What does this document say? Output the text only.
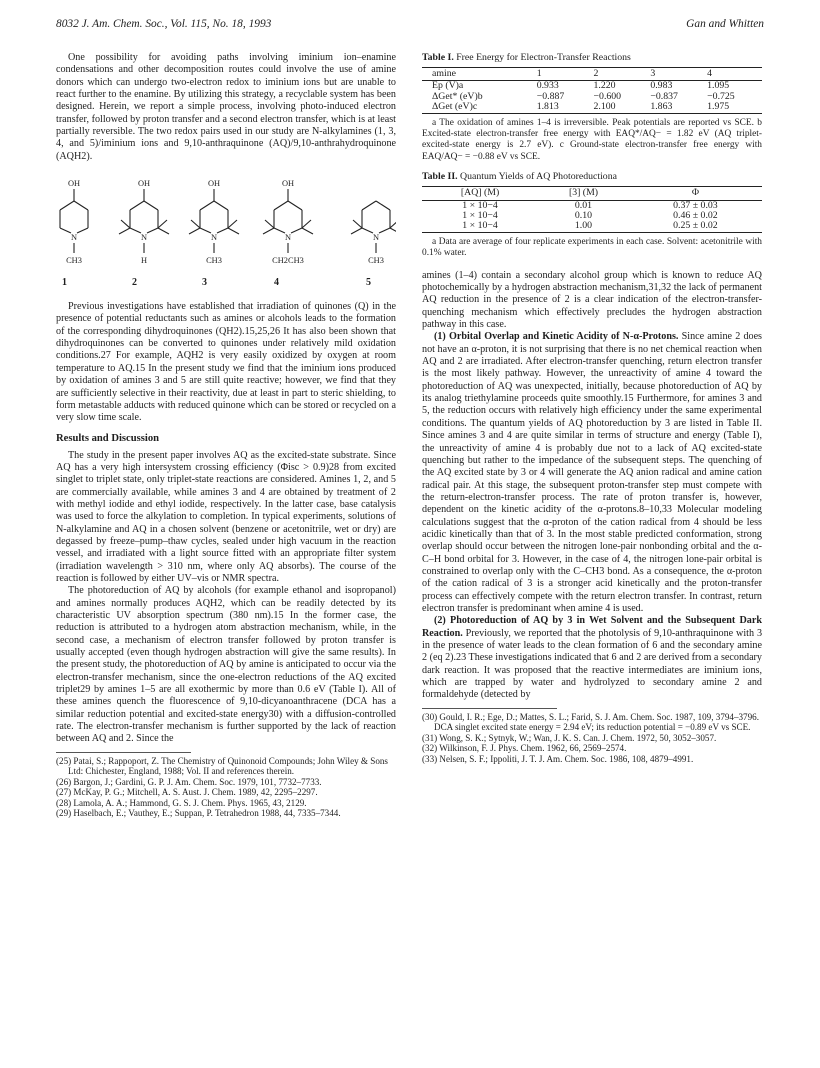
8032 J. Am. Chem. Soc., Vol. 115, No. 18, 1993	Gan and Whitten

One possibility for avoiding paths involving iminium ion–enamine condensations and other decomposition routes could involve the use of amine donors which can undergo two-electron redox to iminium ions but are unable to react further to the enamine. By utilizing this strategy, a recyclable system has been designed. Herein, we report a simple process, involving photo-induced electron transfer, followed by proton transfer and a second electron transfer, which is at least partially reversible. The two redox pairs used in our study are N-alkylamines (1, 3, 4, and 5)/iminium ions and 9,10-anthraquinone (AQ)/9,10-anthrahydroquinone (AQH2).

OH
N
CH3
OH
N
H
OH
N
CH3
OH
N
CH2CH3
N
CH3
1	2	3	4	5

Previous investigations have established that irradiation of quinones (Q) in the presence of potential reductants such as amines or alcohols leads to the formation of the corresponding dihydroquinones (QH2).15,25,26 It has also been shown that dihydroquinones can be converted to quinones under relatively mild oxidation conditions.27 For example, AQH2 is very easily oxidized by oxygen at room temperature to AQ.15 In the present study we find that the iminium ions produced by oxidation of amines 3 and 5 are still quite reactive; however, we find that they are sufficiently selective in their reactivity, due at least in part to steric shielding, to form metastable adducts with reduced quinone which can be stored or recycled on a very slow time scale.

Results and Discussion

The study in the present paper involves AQ as the excited-state substrate. Since AQ has a very high intersystem crossing efficiency (Φisc > 0.9)28 from excited singlet to triplet state, only triplet-state reactions are considered. Amines 1, 2, and 5 are commercially available, while amines 3 and 4 are obtained by treatment of 2 with methyl iodide and ethyl iodide, respectively. In the latter case, base catalysis was used to force the alkylation to completion. In typical experiments, solutions of N-alkylamine and AQ in a chosen solvent (benzene or acetonitrile, wet or dry) are degassed by freeze–pump–thaw cycles, sealed under high vacuum in the reaction vessel, and irradiated with a light source fitted with an appropriate filter system (irradiation wavelength > 310 nm, where only AQ absorbs). The course of the reaction is followed by either UV–vis or NMR spectra.

The photoreduction of AQ by alcohols (for example ethanol and isopropanol) and amines normally produces AQH2, which can be readily detected by its characteristic UV absorption spectrum (380 nm).15 In the former case, the reduction is attributed to a hydrogen atom abstraction mechanism, while, in the second case, a mechanism of electron transfer followed by proton transfer is usually accepted (even though hydrogen abstraction will give the same results). In the present study, the photoreduction of AQ by amine is anticipated to occur via the electron-transfer mechanism, since the one-electron reductions of the AQ excited triplet29 by amines 1–5 are all exothermic by more than 0.6 eV (Table I). All of these amines quench the fluorescence of 9,10-dicyanoanthracene (DCA has a similar reduction potential and excited-state energy30) with a diffusion-controlled rate. The electron-transfer mechanism is further supported by the lack of reaction between AQ and 2. Since the

(25) Patai, S.; Rappoport, Z. The Chemistry of Quinonoid Compounds; John Wiley & Sons Ltd: Chichester, England, 1988; Vol. II and references therein.

(26) Bargon, J.; Gardini, G. P. J. Am. Chem. Soc. 1979, 101, 7732–7733.

(27) McKay, P. G.; Mitchell, A. S. Aust. J. Chem. 1989, 42, 2295–2297.

(28) Lamola, A. A.; Hammond, G. S. J. Chem. Phys. 1965, 43, 2129.

(29) Haselbach, E.; Vauthey, E.; Suppan, P. Tetrahedron 1988, 44, 7335–7344.

Table I. Free Energy for Electron-Transfer Reactions
amine	1	2	3	4
Ep (V)a	0.933	1.220	0.983	1.095
ΔGet* (eV)b	−0.887	−0.600	−0.837	−0.725
ΔGet (eV)c	1.813	2.100	1.863	1.975

a The oxidation of amines 1–4 is irreversible. Peak potentials are reported vs SCE. b Excited-state electron-transfer free energy with EAQ*/AQ− = 1.82 eV (AQ triplet-excited-state energy is 2.7 eV). c Ground-state electron-transfer free energy with EAQ/AQ− = −0.88 eV vs SCE.

Table II. Quantum Yields of AQ Photoreductiona
[AQ] (M)	[3] (M)	Φ
1 × 10−4	0.01	0.37 ± 0.03
1 × 10−4	0.10	0.46 ± 0.02
1 × 10−4	1.00	0.25 ± 0.02

a Data are average of four replicate experiments in each case. Solvent: acetonitrile with 0.1% water.

amines (1–4) contain a secondary alcohol group which is known to reduce AQ photochemically by a hydrogen abstraction mechanism,31,32 the lack of permanent AQ reduction in the presence of 2 is a clear indication of the electron-transfer-quenching mechanism which effectively precludes the hydrogen abstraction pathway in this case.

(1) Orbital Overlap and Kinetic Acidity of N-α-Protons. Since amine 2 does not have an α-proton, it is not surprising that there is no net chemical reaction when AQ and 2 are irradiated. After electron-transfer quenching, return electron transfer is the most likely pathway. However, the unreactivity of amine 4 toward the photoreduction of AQ was unexpected, initially, because photoreduction of AQ by its analog triethylamine proceeds quite smoothly.15 Furthermore, for amines 3 and 5, the reduction occurs with relatively high efficiency under the same experimental conditions. The quantum yields of AQ photoreduction by 3 are listed in Table II. Since amines 3 and 4 are quite similar in terms of structure and energy (Table I), the unreactivity of amine 4 is probably due not to a lack of AQ excited-state quenching but rather to the impedance of the subsequent steps. The quenching of the AQ excited state by 3 or 4 will generate the AQ anion radical and amine cation radical pair. At this stage, the subsequent proton-transfer step must compete with the return-electron-transfer process. The rate of proton transfer is, however, dependent on the kinetic acidity of the α-protons.8–10,33 Molecular modeling calculations suggest that the α-proton of the cation radical from 4 should be less acidic kinetically than that of 3. In the most stable predicted conformation, strong overlap should occur between the nitrogen lone-pair nonbonding orbital and the α-C–H bond orbital for 3. However, in the case of 4, the nitrogen lone-pair orbital is constrained to overlap only with the C–CH3 bond. As a consequence, the α-proton of the cation radical of 3 is a stronger acid kinetically and the proton-transfer process can effectively compete with the return electron transfer. In contrast, return electron transfer is predominant when amine 4 is used.

(2) Photoreduction of AQ by 3 in Wet Solvent and the Subsequent Dark Reaction. Previously, we reported that the photolysis of 9,10-anthraquinone with 3 in the presence of water leads to the clean formation of 6 and the secondary amine 2 (eq 2).23 These investigations indicated that 6 and 2 are derived from a secondary dark reaction. It was proposed that the reactive intermediates are iminium ions, which are trapped by water and hydrolyzed to secondary amine 2 and formaldehyde (detected by

(30) Gould, I. R.; Ege, D.; Mattes, S. L.; Farid, S. J. Am. Chem. Soc. 1987, 109, 3794–3796. DCA singlet excited state energy = 2.94 eV; its reduction potential = −0.89 eV vs SCE.

(31) Wong, S. K.; Sytnyk, W.; Wan, J. K. S. Can. J. Chem. 1972, 50, 3052–3057.

(32) Wilkinson, F. J. Phys. Chem. 1962, 66, 2569–2574.

(33) Nelsen, S. F.; Ippoliti, J. T. J. Am. Chem. Soc. 1986, 108, 4879–4991.
